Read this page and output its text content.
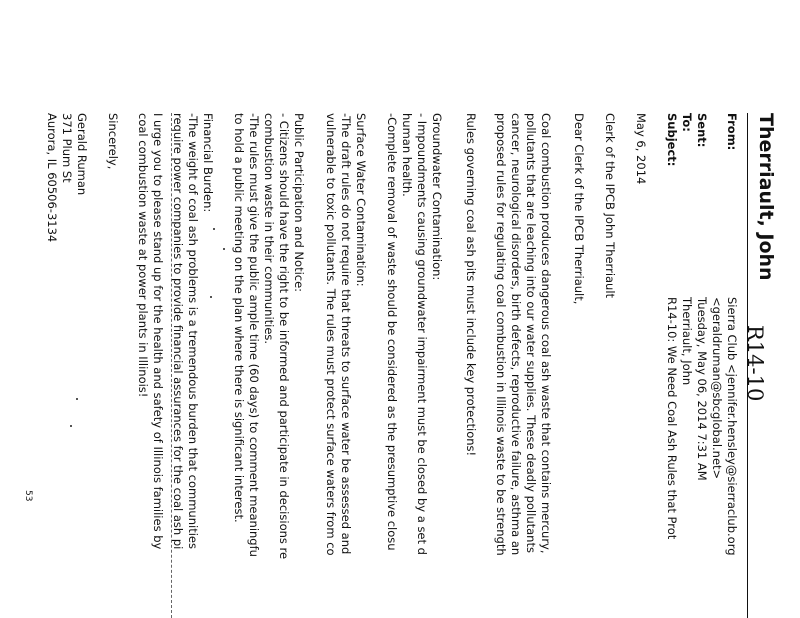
Therriault, John
From:
Sierra Club <jennifer.hensley@sierraclub.org
<geraldruman@sbcglobal.net>
Sent:
Tuesday, May 06, 2014 7:31 AM
To:
Therriault, John
Subject:
R14-10: We Need Coal Ash Rules that Prot
May 6, 2014
Clerk of the IPCB John Therriault
Dear Clerk of the IPCB Therriault,
Coal combustion produces dangerous coal ash waste that contains mercury,
pollutants that are leaching into our water supplies. These deadly pollutants
cancer, neurological disorders, birth defects, reproductive failure, asthma an
proposed rules for regulating coal combustion in Illinois waste to be strength
Rules governing coal ash pits must include key protections!
Groundwater Contamination:
- Impoundments causing groundwater impairment must be closed by a set d
human health.
-Complete removal of waste should be considered as the presumptive closu
Surface Water Contamination:
-The draft rules do not require that threats to surface water be assessed and
vulnerable to toxic pollutants. The rules must protect surface waters from co
Public Participation and Notice:
- Citizens should have the right to be informed and participate in decisions re
combustion waste in their communities.
-The rules must give the public ample time (60 days) to comment meaningfu
to hold a public meeting on the plan where there is significant interest.
Financial Burden:
-The weight of coal ash problems is a tremendous burden that communities
require power companies to provide financial assurances for the coal ash pi
I urge you to please stand up for the health and safety of Illinois families by
coal combustion waste at power plants in Illinois!
Sincerely,
Gerald Ruman
371 Plum St
Aurora, IL 60506-3134
R14-10
53
